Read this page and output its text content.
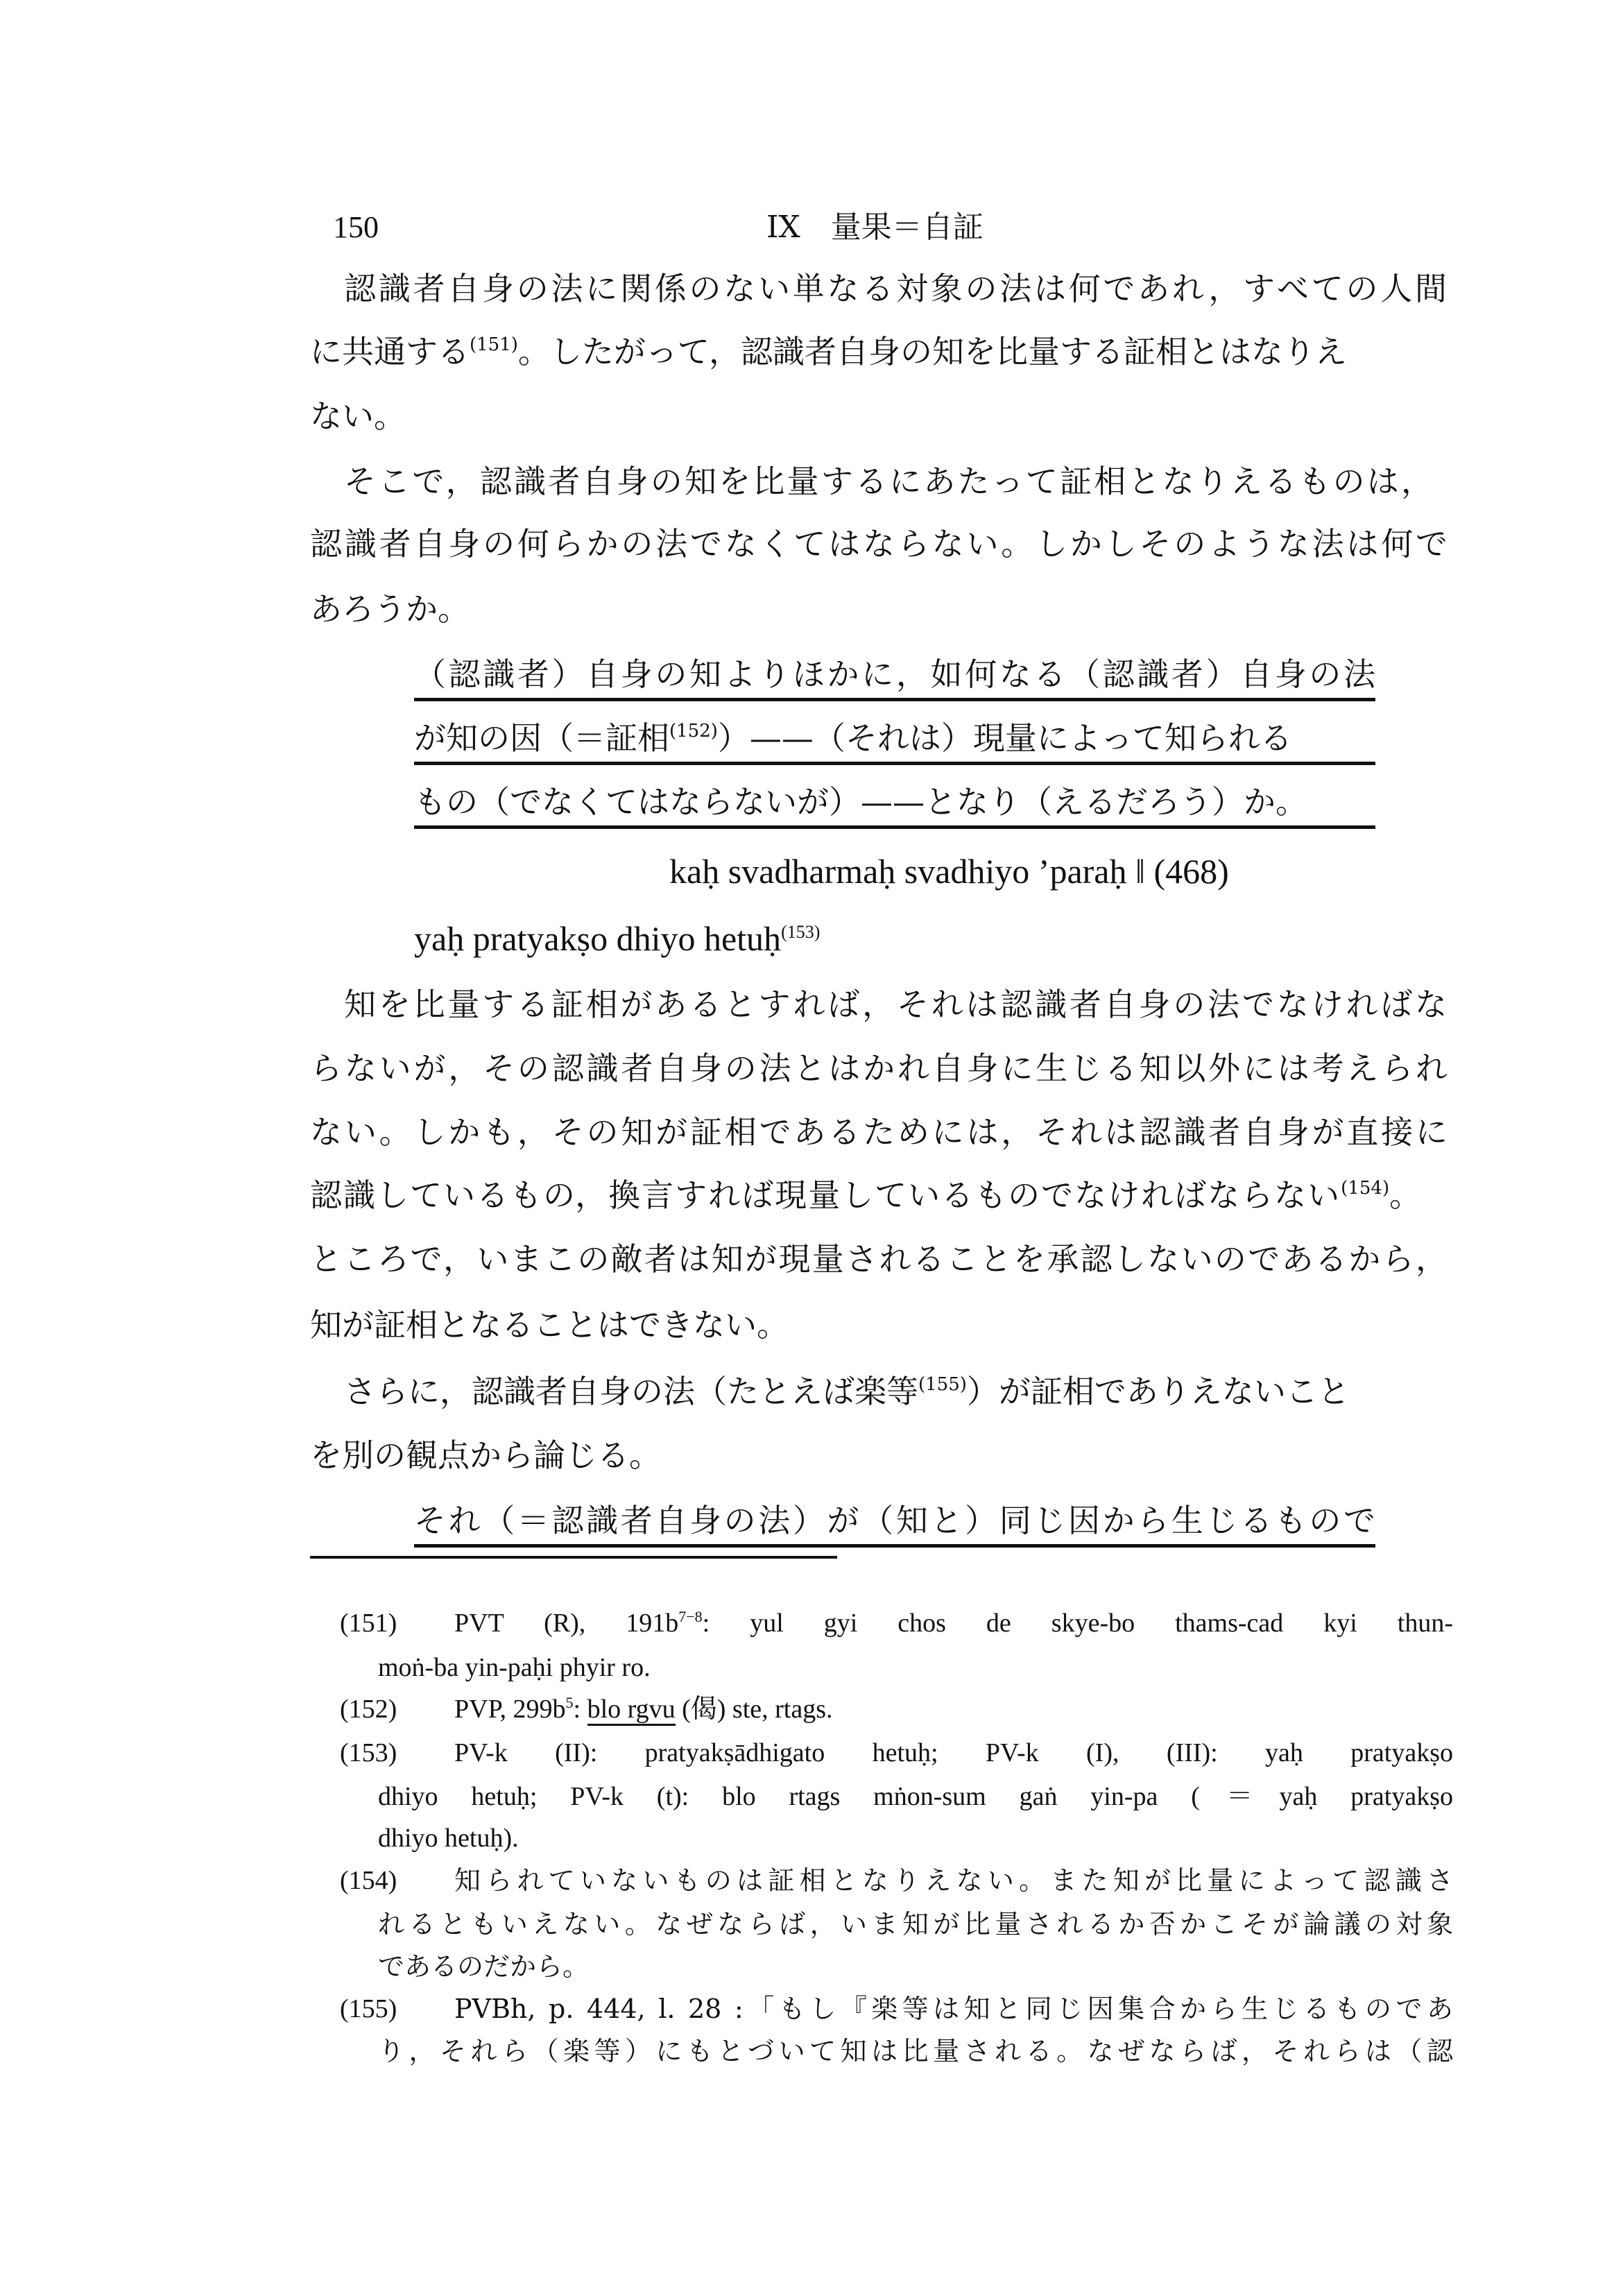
150	IX　量果＝自証
認識者自身の法に関係のない単なる対象の法は何であれ，すべての人間
に共通する$^{(151)}$。したがって，認識者自身の知を比量する証相とはなりえ
ない。
そこで，認識者自身の知を比量するにあたって証相となりえるものは，
認識者自身の何らかの法でなくてはならない。しかしそのような法は何で
あろうか。
（認識者）自身の知よりほかに，如何なる（認識者）自身の法
が知の因（＝証相$^{(152)}$）——（それは）現量によって知られる
もの（でなくてはならないが）——となり（えるだろう）か。
kaḥ svadharmaḥ svadhiyo ’paraḥ ‖ (468)
yaḥ pratyakṣo dhiyo hetuḥ$^{(153)}$
知を比量する証相があるとすれば，それは認識者自身の法でなければな
らないが，その認識者自身の法とはかれ自身に生じる知以外には考えられ
ない。しかも，その知が証相であるためには，それは認識者自身が直接に
認識しているもの，換言すれば現量しているものでなければならない$^{(154)}$。
ところで，いまこの敵者は知が現量されることを承認しないのであるから，
知が証相となることはできない。
さらに，認識者自身の法（たとえば楽等$^{(155)}$）が証相でありえないこと
を別の観点から論じる。
それ（＝認識者自身の法）が（知と）同じ因から生じるもので
(151) PVT (R), $191b^{7-8}$: yul gyi chos de skye-bo thams-cad kyi thun-
moṅ-ba yin-paḥi phyir ro.
(152) PVP, $299b^5$: blo rgvu (偈) ste, rtags.
(153) PV-k (II): pratyakṣādhigato hetuḥ; PV-k (I), (III): yaḥ pratyakṣo
dhiyo hetuḥ; PV-k (t): blo rtags mṅon-sum gaṅ yin-pa (＝yaḥ pratyakṣo
dhiyo hetuḥ).
(154) 知られていないものは証相となりえない。また知が比量によって認識さ
れるともいえない。なぜならば，いま知が比量されるか否かこそが論議の対象
であるのだから。
(155) PVBh, p. 444, l. 28 :「もし『楽等は知と同じ因集合から生じるものであ
り，それら（楽等）にもとづいて知は比量される。なぜならば，それらは（認
